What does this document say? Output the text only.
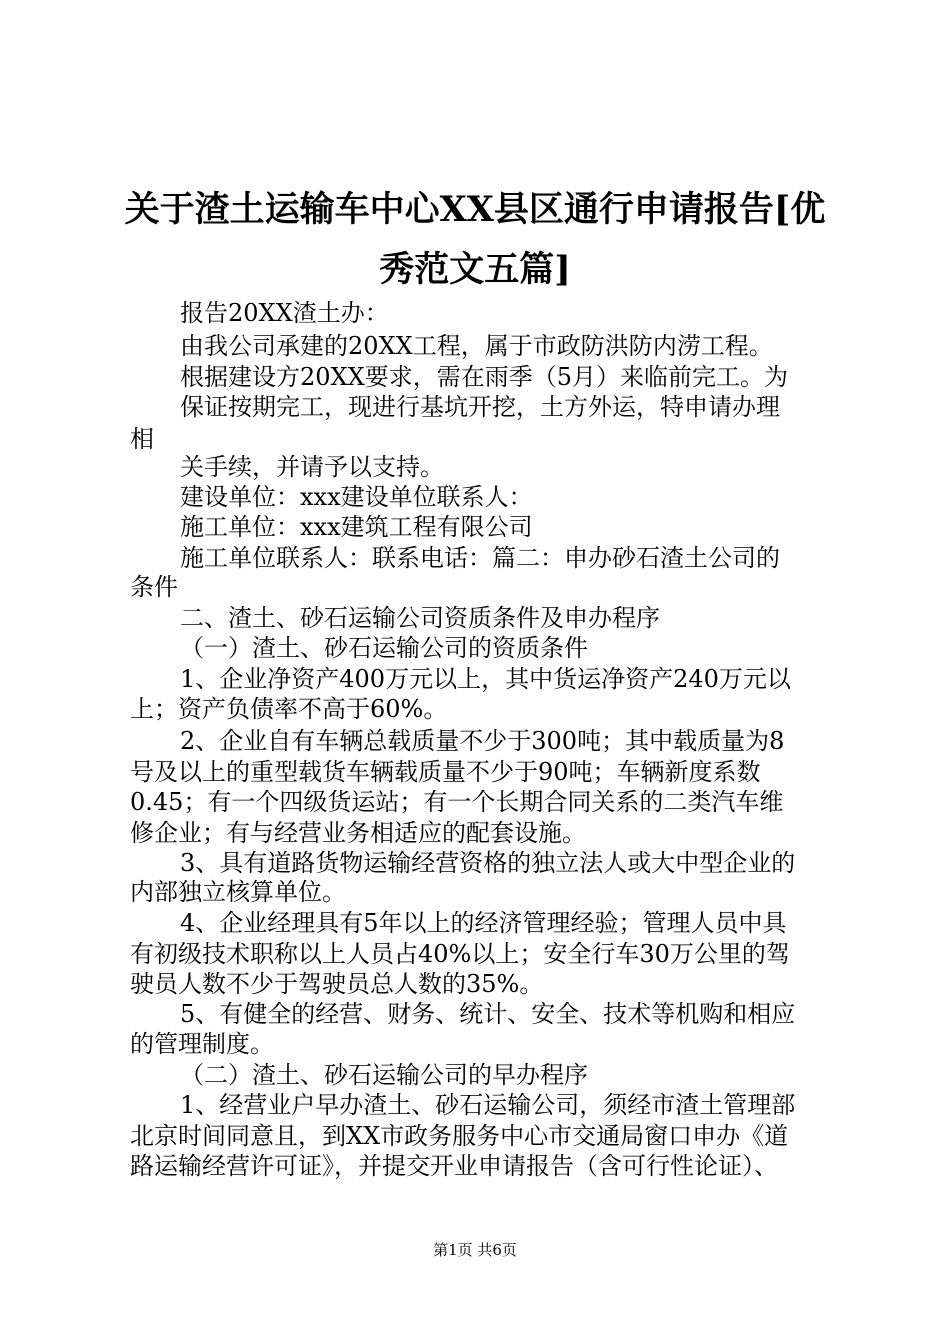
关于渣土运输车中心XX县区通行申请报告[优
秀范文五篇]
报告20XX渣土办：
由我公司承建的20XX工程，属于市政防洪防内涝工程。
根据建设方20XX要求，需在雨季（5月）来临前完工。为
保证按期完工，现进行基坑开挖，土方外运，特申请办理
相
关手续，并请予以支持。
建设单位：xxx建设单位联系人：
施工单位：xxx建筑工程有限公司
施工单位联系人：联系电话：篇二：申办砂石渣土公司的
条件
二、渣土、砂石运输公司资质条件及申办程序
（一）渣土、砂石运输公司的资质条件
1、企业净资产400万元以上，其中货运净资产240万元以
上；资产负债率不高于60%。
2、企业自有车辆总载质量不少于300吨；其中载质量为8
号及以上的重型载货车辆载质量不少于90吨；车辆新度系数
0.45；有一个四级货运站；有一个长期合同关系的二类汽车维
修企业；有与经营业务相适应的配套设施。
3、具有道路货物运输经营资格的独立法人或大中型企业的
内部独立核算单位。
4、企业经理具有5年以上的经济管理经验；管理人员中具
有初级技术职称以上人员占40%以上；安全行车30万公里的驾
驶员人数不少于驾驶员总人数的35%。
5、有健全的经营、财务、统计、安全、技术等机购和相应
的管理制度。
（二）渣土、砂石运输公司的早办程序
1、经营业户早办渣土、砂石运输公司，须经市渣土管理部
北京时间同意且，到XX市政务服务中心市交通局窗口申办《道
路运输经营许可证》，并提交开业申请报告（含可行性论证）、
第1页 共6页
